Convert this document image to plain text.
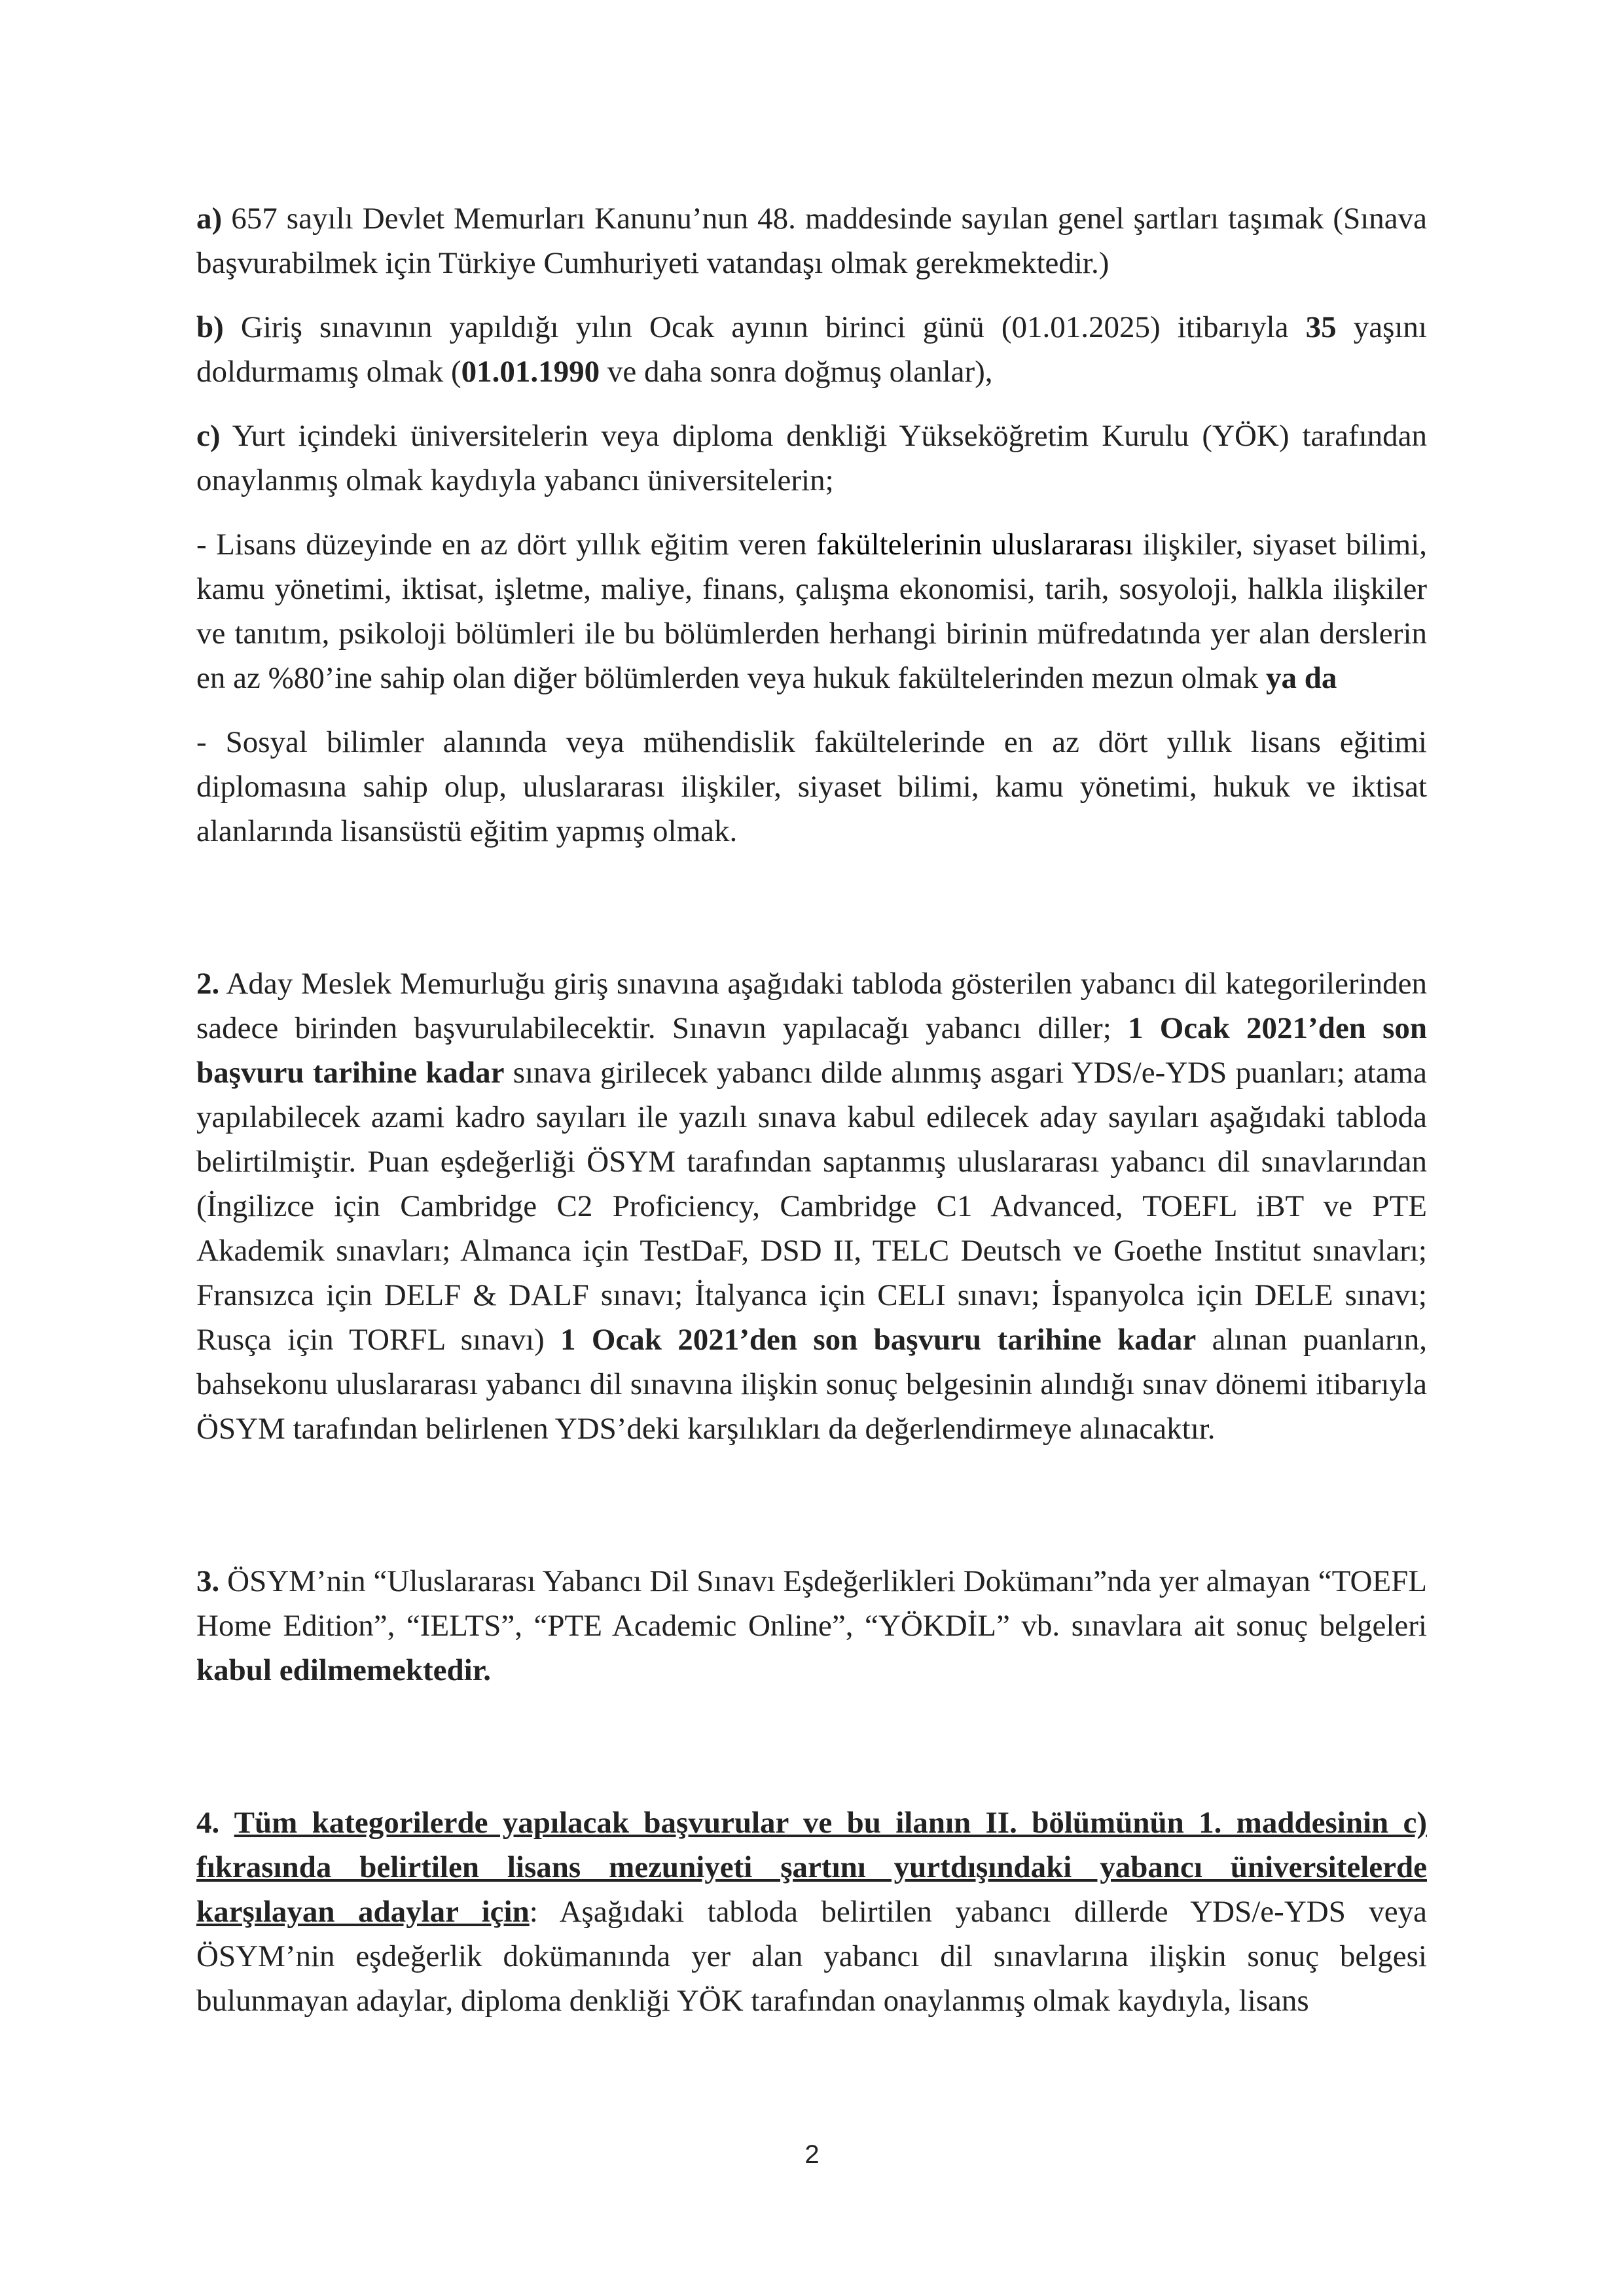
a) 657 sayılı Devlet Memurları Kanunu’nun 48. maddesinde sayılan genel şartları taşımak (Sınava başvurabilmek için Türkiye Cumhuriyeti vatandaşı olmak gerekmektedir.)

b) Giriş sınavının yapıldığı yılın Ocak ayının birinci günü (01.01.2025) itibarıyla 35 yaşını doldurmamış olmak (01.01.1990 ve daha sonra doğmuş olanlar),

c) Yurt içindeki üniversitelerin veya diploma denkliği Yükseköğretim Kurulu (YÖK) tarafından onaylanmış olmak kaydıyla yabancı üniversitelerin;

- Lisans düzeyinde en az dört yıllık eğitim veren fakültelerinin uluslararası ilişkiler, siyaset bilimi, kamu yönetimi, iktisat, işletme, maliye, finans, çalışma ekonomisi, tarih, sosyoloji, halkla ilişkiler ve tanıtım, psikoloji bölümleri ile bu bölümlerden herhangi birinin müfredatında yer alan derslerin en az %80’ine sahip olan diğer bölümlerden veya hukuk fakültelerinden mezun olmak ya da

- Sosyal bilimler alanında veya mühendislik fakültelerinde en az dört yıllık lisans eğitimi diplomasına sahip olup, uluslararası ilişkiler, siyaset bilimi, kamu yönetimi, hukuk ve iktisat alanlarında lisansüstü eğitim yapmış olmak.

2. Aday Meslek Memurluğu giriş sınavına aşağıdaki tabloda gösterilen yabancı dil kategorilerinden sadece birinden başvurulabilecektir. Sınavın yapılacağı yabancı diller; 1 Ocak 2021’den son başvuru tarihine kadar sınava girilecek yabancı dilde alınmış asgari YDS/e-YDS puanları; atama yapılabilecek azami kadro sayıları ile yazılı sınava kabul edilecek aday sayıları aşağıdaki tabloda belirtilmiştir. Puan eşdeğerliği ÖSYM tarafından saptanmış uluslararası yabancı dil sınavlarından (İngilizce için Cambridge C2 Proficiency, Cambridge C1 Advanced, TOEFL iBT ve PTE Akademik sınavları; Almanca için TestDaF, DSD II, TELC Deutsch ve Goethe Institut sınavları; Fransızca için DELF & DALF sınavı; İtalyanca için CELI sınavı; İspanyolca için DELE sınavı; Rusça için TORFL sınavı) 1 Ocak 2021’den son başvuru tarihine kadar alınan puanların, bahsekonu uluslararası yabancı dil sınavına ilişkin sonuç belgesinin alındığı sınav dönemi itibarıyla ÖSYM tarafından belirlenen YDS’deki karşılıkları da değerlendirmeye alınacaktır.

3. ÖSYM’nin “Uluslararası Yabancı Dil Sınavı Eşdeğerlikleri Dokümanı”nda yer almayan “TOEFL Home Edition”, “IELTS”, “PTE Academic Online”, “YÖKDİL” vb. sınavlara ait sonuç belgeleri kabul edilmemektedir.

4. Tüm kategorilerde yapılacak başvurular ve bu ilanın II. bölümünün 1. maddesinin c) fıkrasında belirtilen lisans mezuniyeti şartını yurtdışındaki yabancı üniversitelerde karşılayan adaylar için: Aşağıdaki tabloda belirtilen yabancı dillerde YDS/e-YDS veya ÖSYM’nin eşdeğerlik dokümanında yer alan yabancı dil sınavlarına ilişkin sonuç belgesi bulunmayan adaylar, diploma denkliği YÖK tarafından onaylanmış olmak kaydıyla, lisans

2
